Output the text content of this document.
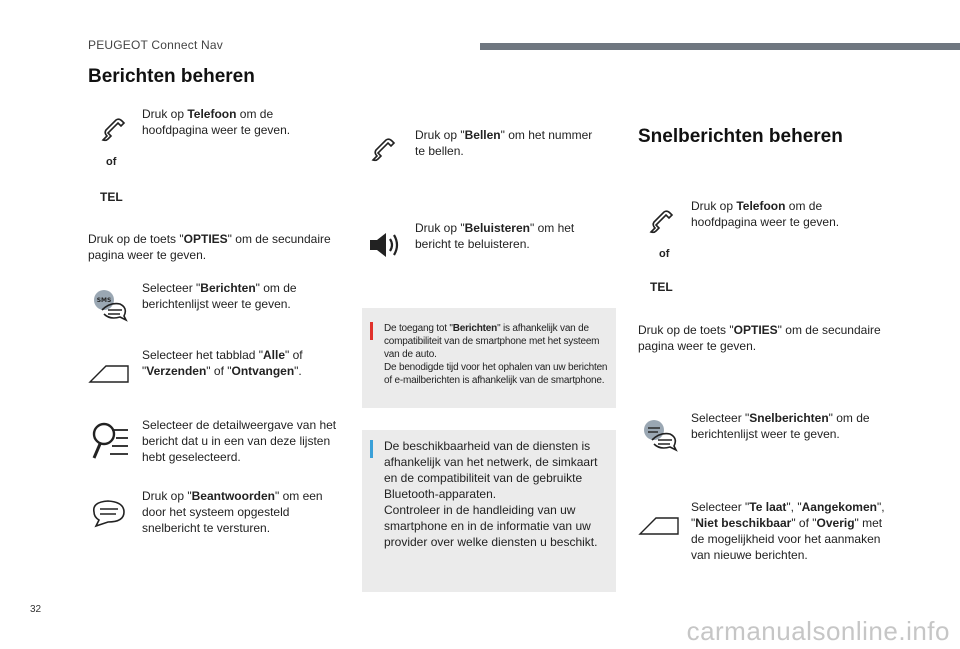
PEUGEOT Connect Nav
Berichten beheren
of
TEL
Druk op Telefoon om de hoofdpagina weer te geven.
Druk op de toets "OPTIES" om de secundaire pagina weer te geven.
SMS
Selecteer "Berichten" om de berichtenlijst weer te geven.
Selecteer het tabblad "Alle" of "Verzenden" of "Ontvangen".
Selecteer de detailweergave van het bericht dat u in een van deze lijsten hebt geselecteerd.
Druk op "Beantwoorden" om een door het systeem opgesteld snelbericht te versturen.
Druk op "Bellen" om het nummer te bellen.
Druk op "Beluisteren" om het bericht te beluisteren.
De toegang tot "Berichten" is afhankelijk van de compatibiliteit van de smartphone met het systeem van de auto.
De benodigde tijd voor het ophalen van uw berichten of e-mailberichten is afhankelijk van de smartphone.
De beschikbaarheid van de diensten is afhankelijk van het netwerk, de simkaart en de compatibiliteit van de gebruikte Bluetooth-apparaten.
Controleer in de handleiding van uw smartphone en in de informatie van uw provider over welke diensten u beschikt.
Snelberichten beheren
of
TEL
Druk op Telefoon om de hoofdpagina weer te geven.
Druk op de toets "OPTIES" om de secundaire pagina weer te geven.
Selecteer "Snelberichten" om de berichtenlijst weer te geven.
Selecteer "Te laat", "Aangekomen", "Niet beschikbaar" of "Overig" met de mogelijkheid voor het aanmaken van nieuwe berichten.
32
carmanualsonline.info
